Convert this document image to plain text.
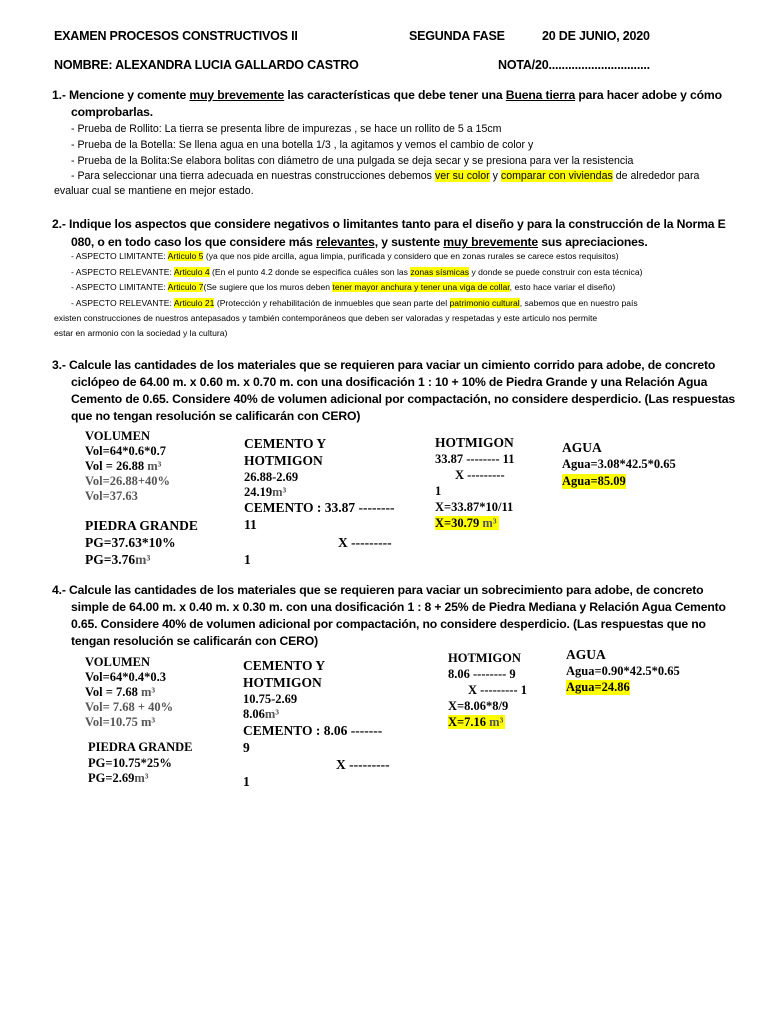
EXAMEN PROCESOS CONSTRUCTIVOS II	SEGUNDA FASE	20 DE JUNIO, 2020
NOMBRE: ALEXANDRA LUCIA GALLARDO CASTRO	NOTA/20...............................
1.- Mencione y comente muy brevemente las características que debe tener una Buena tierra para hacer adobe y cómo
comprobarlas.
- Prueba de Rollito: La tierra se presenta libre de impurezas , se hace un rollito de 5 a 15cm
- Prueba de la Botella: Se llena agua en una botella 1/3 , la agitamos y vemos el cambio de color y
- Prueba de la Bolita:Se elabora bolitas con diámetro de una pulgada se deja secar y se presiona para ver la resistencia
- Para seleccionar una tierra adecuada en nuestras construcciones debemos ver su color y comparar con viviendas de alrededor para
evaluar cual se mantiene en mejor estado.
2.- Indique los aspectos que considere negativos o limitantes tanto para el diseño y para la construcción de la Norma E
080, o en todo caso los que considere más relevantes, y sustente muy brevemente sus apreciaciones.
- ASPECTO LIMITANTE: Articulo 5 (ya que nos pide arcilla, agua limpia, purificada y considero que en zonas rurales se carece estos requisitos)
- ASPECTO RELEVANTE: Articulo 4 (En el punto 4.2 donde se especifica cuáles son las zonas sísmicas y donde se puede construir con esta técnica)
- ASPECTO LIMITANTE: Articulo 7(Se sugiere que los muros deben tener mayor anchura y tener una viga de collar, esto hace variar el diseño)
- ASPECTO RELEVANTE: Articulo 21 (Protección y rehabilitación de inmuebles que sean parte del patrimonio cultural, sabemos que en nuestro país
existen construcciones de nuestros antepasados y también contemporáneos que deben ser valoradas y respetadas y este articulo nos permite
estar en armonio con la sociedad y la cultura)
3.- Calcule las cantidades de los materiales que se requieren para vaciar un cimiento corrido para adobe, de concreto
ciclópeo de 64.00 m. x 0.60 m. x 0.70 m. con una dosificación 1 : 10 + 10% de Piedra Grande y una Relación Agua
Cemento de 0.65. Considere 40% de volumen adicional por compactación, no considere desperdicio. (Las respuestas
que no tengan resolución se calificarán con CERO)
VOLUMEN
Vol=64*0.6*0.7
Vol = 26.88 m³
Vol=26.88+40%
Vol=37.63
PIEDRA GRANDE
PG=37.63*10%
PG=3.76m³
CEMENTO Y
HOTMIGON
26.88-2.69
24.19m³
CEMENTO : 33.87 --------
11
X ---------
1
HOTMIGON
33.87 -------- 11
X ---------
1
X=33.87*10/11
X=30.79 m³
AGUA
Agua=3.08*42.5*0.65
Agua=85.09
4.- Calcule las cantidades de los materiales que se requieren para vaciar un sobrecimiento para adobe, de concreto
simple de 64.00 m. x 0.40 m. x 0.30 m. con una dosificación 1 : 8 + 25% de Piedra Mediana y Relación Agua Cemento
0.65. Considere 40% de volumen adicional por compactación, no considere desperdicio. (Las respuestas que no
tengan resolución se calificarán con CERO)
VOLUMEN
Vol=64*0.4*0.3
Vol = 7.68 m³
Vol= 7.68 + 40%
Vol=10.75 m³
PIEDRA GRANDE
PG=10.75*25%
PG=2.69m³
CEMENTO Y
HOTMIGON
10.75-2.69
8.06m³
CEMENTO : 8.06 -------
9
X ---------
1
HOTMIGON
8.06 -------- 9
X --------- 1
X=8.06*8/9
X=7.16 m³
AGUA
Agua=0.90*42.5*0.65
Agua=24.86
